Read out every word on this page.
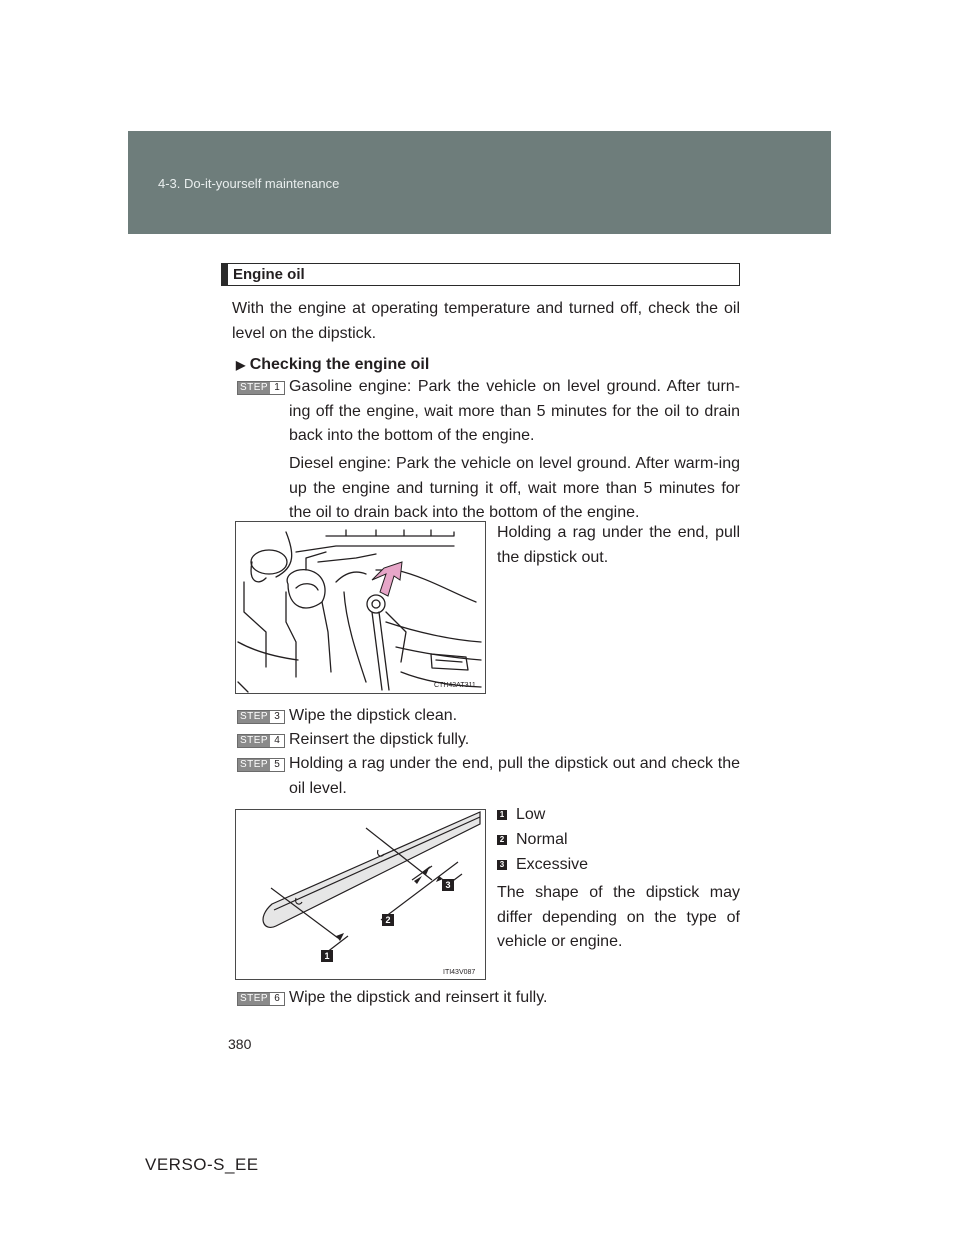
4-3. Do-it-yourself maintenance
Engine oil
With the engine at operating temperature and turned off, check the oil level on the dipstick.
▶ Checking the engine oil
STEP 1 Gasoline engine: Park the vehicle on level ground. After turn-ing off the engine, wait more than 5 minutes for the oil to drain back into the bottom of the engine.
Diesel engine: Park the vehicle on level ground. After warm-ing up the engine and turning it off, wait more than 5 minutes for the oil to drain back into the bottom of the engine.
CTH43AT311
Holding a rag under the end, pull the dipstick out.
STEP 3 Wipe the dipstick clean.
STEP 4 Reinsert the dipstick fully.
STEP 5 Holding a rag under the end, pull the dipstick out and check the oil level.
1
2
3
ITI43V087
1 Low
2 Normal
3 Excessive
The shape of the dipstick may differ depending on the type of vehicle or engine.
STEP 6 Wipe the dipstick and reinsert it fully.
380
VERSO-S_EE
